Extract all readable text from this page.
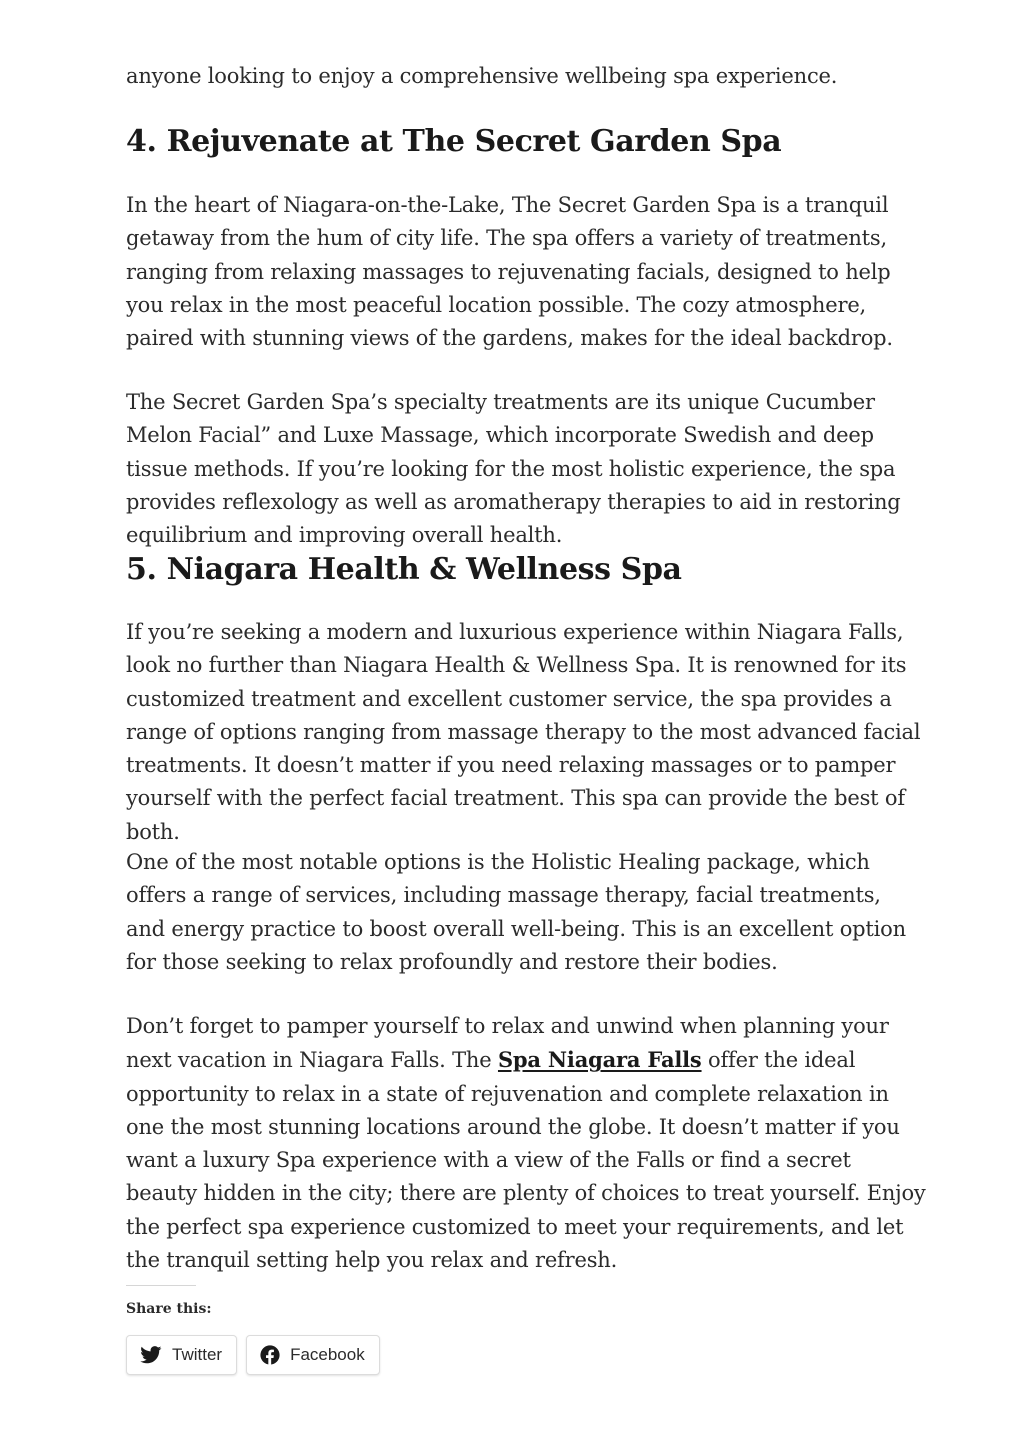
anyone looking to enjoy a comprehensive wellbeing spa experience.

4. Rejuvenate at The Secret Garden Spa

In the heart of Niagara-on-the-Lake, The Secret Garden Spa is a tranquil getaway from the hum of city life. The spa offers a variety of treatments, ranging from relaxing massages to rejuvenating facials, designed to help you relax in the most peaceful location possible. The cozy atmosphere, paired with stunning views of the gardens, makes for the ideal backdrop.

The Secret Garden Spa’s specialty treatments are its unique Cucumber Melon Facial” and Luxe Massage, which incorporate Swedish and deep tissue methods. If you’re looking for the most holistic experience, the spa provides reflexology as well as aromatherapy therapies to aid in restoring equilibrium and improving overall health.

5. Niagara Health & Wellness Spa

If you’re seeking a modern and luxurious experience within Niagara Falls, look no further than Niagara Health & Wellness Spa. It is renowned for its customized treatment and excellent customer service, the spa provides a range of options ranging from massage therapy to the most advanced facial treatments. It doesn’t matter if you need relaxing massages or to pamper yourself with the perfect facial treatment. This spa can provide the best of both.

One of the most notable options is the Holistic Healing package, which offers a range of services, including massage therapy, facial treatments, and energy practice to boost overall well-being. This is an excellent option for those seeking to relax profoundly and restore their bodies.

Don’t forget to pamper yourself to relax and unwind when planning your next vacation in Niagara Falls. The Spa Niagara Falls offer the ideal opportunity to relax in a state of rejuvenation and complete relaxation in one the most stunning locations around the globe. It doesn’t matter if you want a luxury Spa experience with a view of the Falls or find a secret beauty hidden in the city; there are plenty of choices to treat yourself. Enjoy the perfect spa experience customized to meet your requirements, and let the tranquil setting help you relax and refresh.

Share this:
Twitter	Facebook
